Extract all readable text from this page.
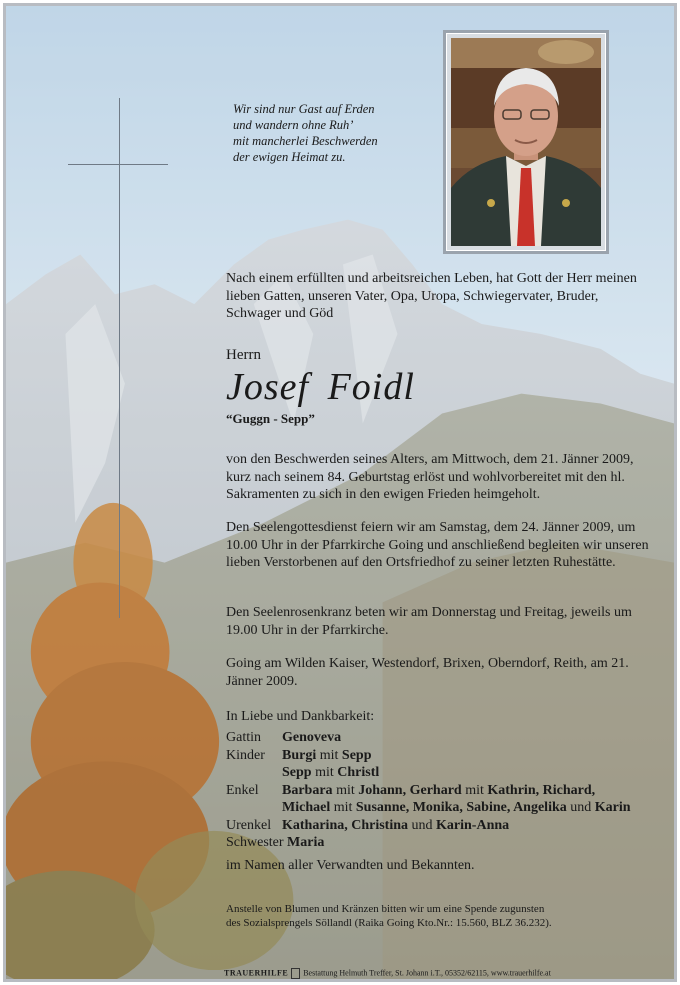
Wir sind nur Gast auf Erden
und wandern ohne Ruh’
mit mancherlei Beschwerden
der ewigen Heimat zu.
Nach einem erfüllten und arbeitsreichen Leben, hat Gott der Herr meinen lieben Gatten, unseren Vater, Opa, Uropa, Schwiegervater, Bruder, Schwager und Göd
Herrn
Josef Foidl
“Guggn - Sepp”
von den Beschwerden seines Alters, am Mittwoch, dem 21. Jänner 2009, kurz nach seinem 84. Geburtstag erlöst und wohlvorbereitet mit den hl. Sakramenten zu sich in den ewigen Frieden heimgeholt.
Den Seelengottesdienst feiern wir am Samstag, dem 24. Jänner 2009, um 10.00 Uhr in der Pfarrkirche Going und anschließend begleiten wir unseren lieben Verstorbenen auf den Ortsfriedhof zu seiner letzten Ruhestätte.
Den Seelenrosenkranz beten wir am Donnerstag und Freitag, jeweils um 19.00 Uhr in der Pfarrkirche.
Going am Wilden Kaiser, Westendorf, Brixen, Oberndorf, Reith, am 21. Jänner 2009.
In Liebe und Dankbarkeit:
Gattin Genoveva
Kinder Burgi mit Sepp
Sepp mit Christl
Enkel Barbara mit Johann, Gerhard mit Kathrin, Richard,
Michael mit Susanne, Monika, Sabine, Angelika und Karin
Urenkel Katharina, Christina und Karin-Anna
Schwester Maria
im Namen aller Verwandten und Bekannten.
Anstelle von Blumen und Kränzen bitten wir um eine Spende zugunsten
des Sozialsprengels Söllandl (Raika Going Kto.Nr.: 15.560, BLZ 36.232).
TRAUERHILFE Bestattung Helmuth Treffer, St. Johann i.T., 05352/62115, www.trauerhilfe.at
